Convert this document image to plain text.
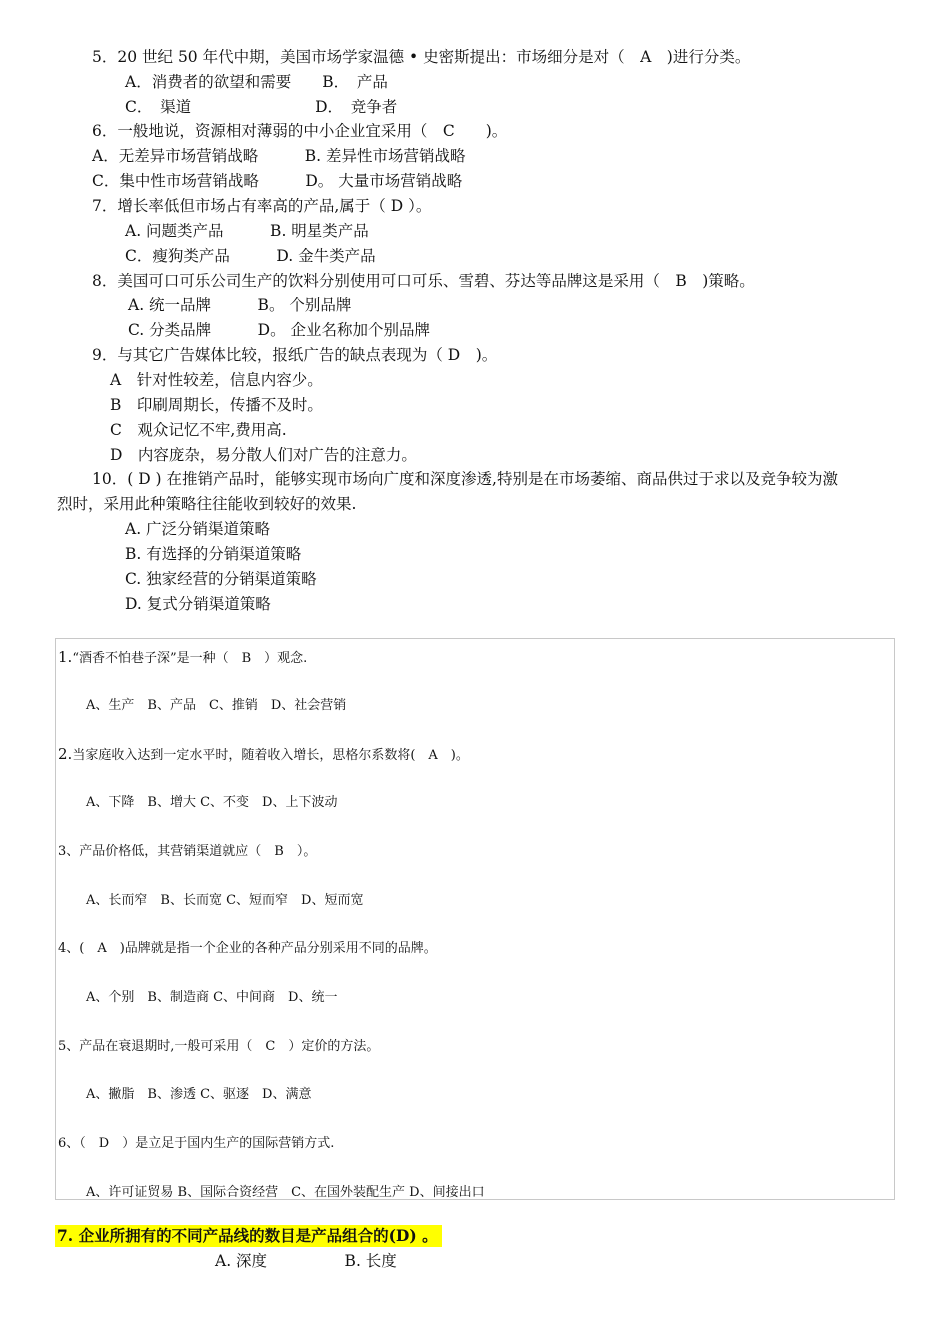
5．20 世纪 50 年代中期，美国市场学家温德 • 史密斯提出：市场细分是对（　A　)进行分类。
A．消费者的欲望和需要　　B．　产品
C．　渠道　　　　　　　　D．　竞争者
6．一般地说，资源相对薄弱的中小企业宜采用（　C　　)。
A．无差异市场营销战略　　　B. 差异性市场营销战略
C．集中性市场营销战略　　　D。 大量市场营销战略
7．增长率低但市场占有率高的产品,属于（ D ）。
A. 问题类产品　　　B. 明星类产品
C．瘦狗类产品　　　D. 金牛类产品
8．美国可口可乐公司生产的饮料分别使用可口可乐、雪碧、芬达等品牌这是采用（　B　)策略。
A. 统一品牌　　　B。 个别品牌
C. 分类品牌　　　D。 企业名称加个别品牌
9．与其它广告媒体比较，报纸广告的缺点表现为（ D　)。
A　针对性较差，信息内容少。
B　印刷周期长，传播不及时。
C　观众记忆不牢,费用高.
D　内容庞杂，易分散人们对广告的注意力。
10．( D ) 在推销产品时，能够实现市场向广度和深度渗透,特别是在市场萎缩、商品供过于求以及竞争较为激
烈时，采用此种策略往往能收到较好的效果.
A. 广泛分销渠道策略
B. 有选择的分销渠道策略
C. 独家经营的分销渠道策略
D. 复式分销渠道策略
1.“酒香不怕巷子深”是一种（　B　）观念.
A、生产　B、产品　C、推销　D、社会营销
2.当家庭收入达到一定水平时，随着收入增长，思格尔系数将(　A　)。
A、下降　B、增大 C、不变　D、上下波动
3、产品价格低，其营销渠道就应（　B　）。
A、长而窄　B、长而宽 C、短而窄　D、短而宽
4、(　A　)品牌就是指一个企业的各种产品分别采用不同的品牌。
A、个别　B、制造商 C、中间商　D、统一
5、产品在衰退期时,一般可采用（　C　）定价的方法。
A、撇脂　B、渗透 C、驱逐　D、满意
6、（　D　）是立足于国内生产的国际营销方式.
A、许可证贸易 B、国际合资经营　C、在国外装配生产 D、间接出口
7. 企业所拥有的不同产品线的数目是产品组合的(D) 。
A. 深度　　　　　B. 长度
